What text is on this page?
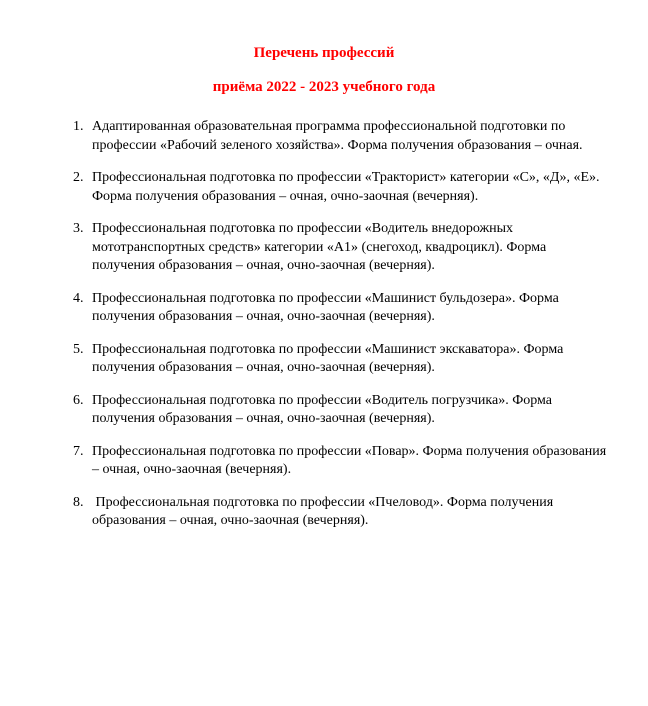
Перечень профессий
приёма 2022 - 2023 учебного года
1. Адаптированная образовательная программа профессиональной подготовки по профессии «Рабочий зеленого хозяйства». Форма получения образования – очная.
2. Профессиональная подготовка по профессии «Тракторист» категории «С», «Д», «Е». Форма получения образования – очная, очно-заочная (вечерняя).
3. Профессиональная подготовка по профессии «Водитель внедорожных мототранспортных средств» категории «А1» (снегоход, квадроцикл). Форма получения образования – очная, очно-заочная (вечерняя).
4. Профессиональная подготовка по профессии «Машинист бульдозера». Форма получения образования – очная, очно-заочная (вечерняя).
5. Профессиональная подготовка по профессии «Машинист экскаватора». Форма получения образования – очная, очно-заочная (вечерняя).
6. Профессиональная подготовка по профессии «Водитель погрузчика». Форма получения образования – очная, очно-заочная (вечерняя).
7. Профессиональная подготовка по профессии «Повар». Форма получения образования – очная, очно-заочная (вечерняя).
8. Профессиональная подготовка по профессии «Пчеловод». Форма получения образования – очная, очно-заочная (вечерняя).
